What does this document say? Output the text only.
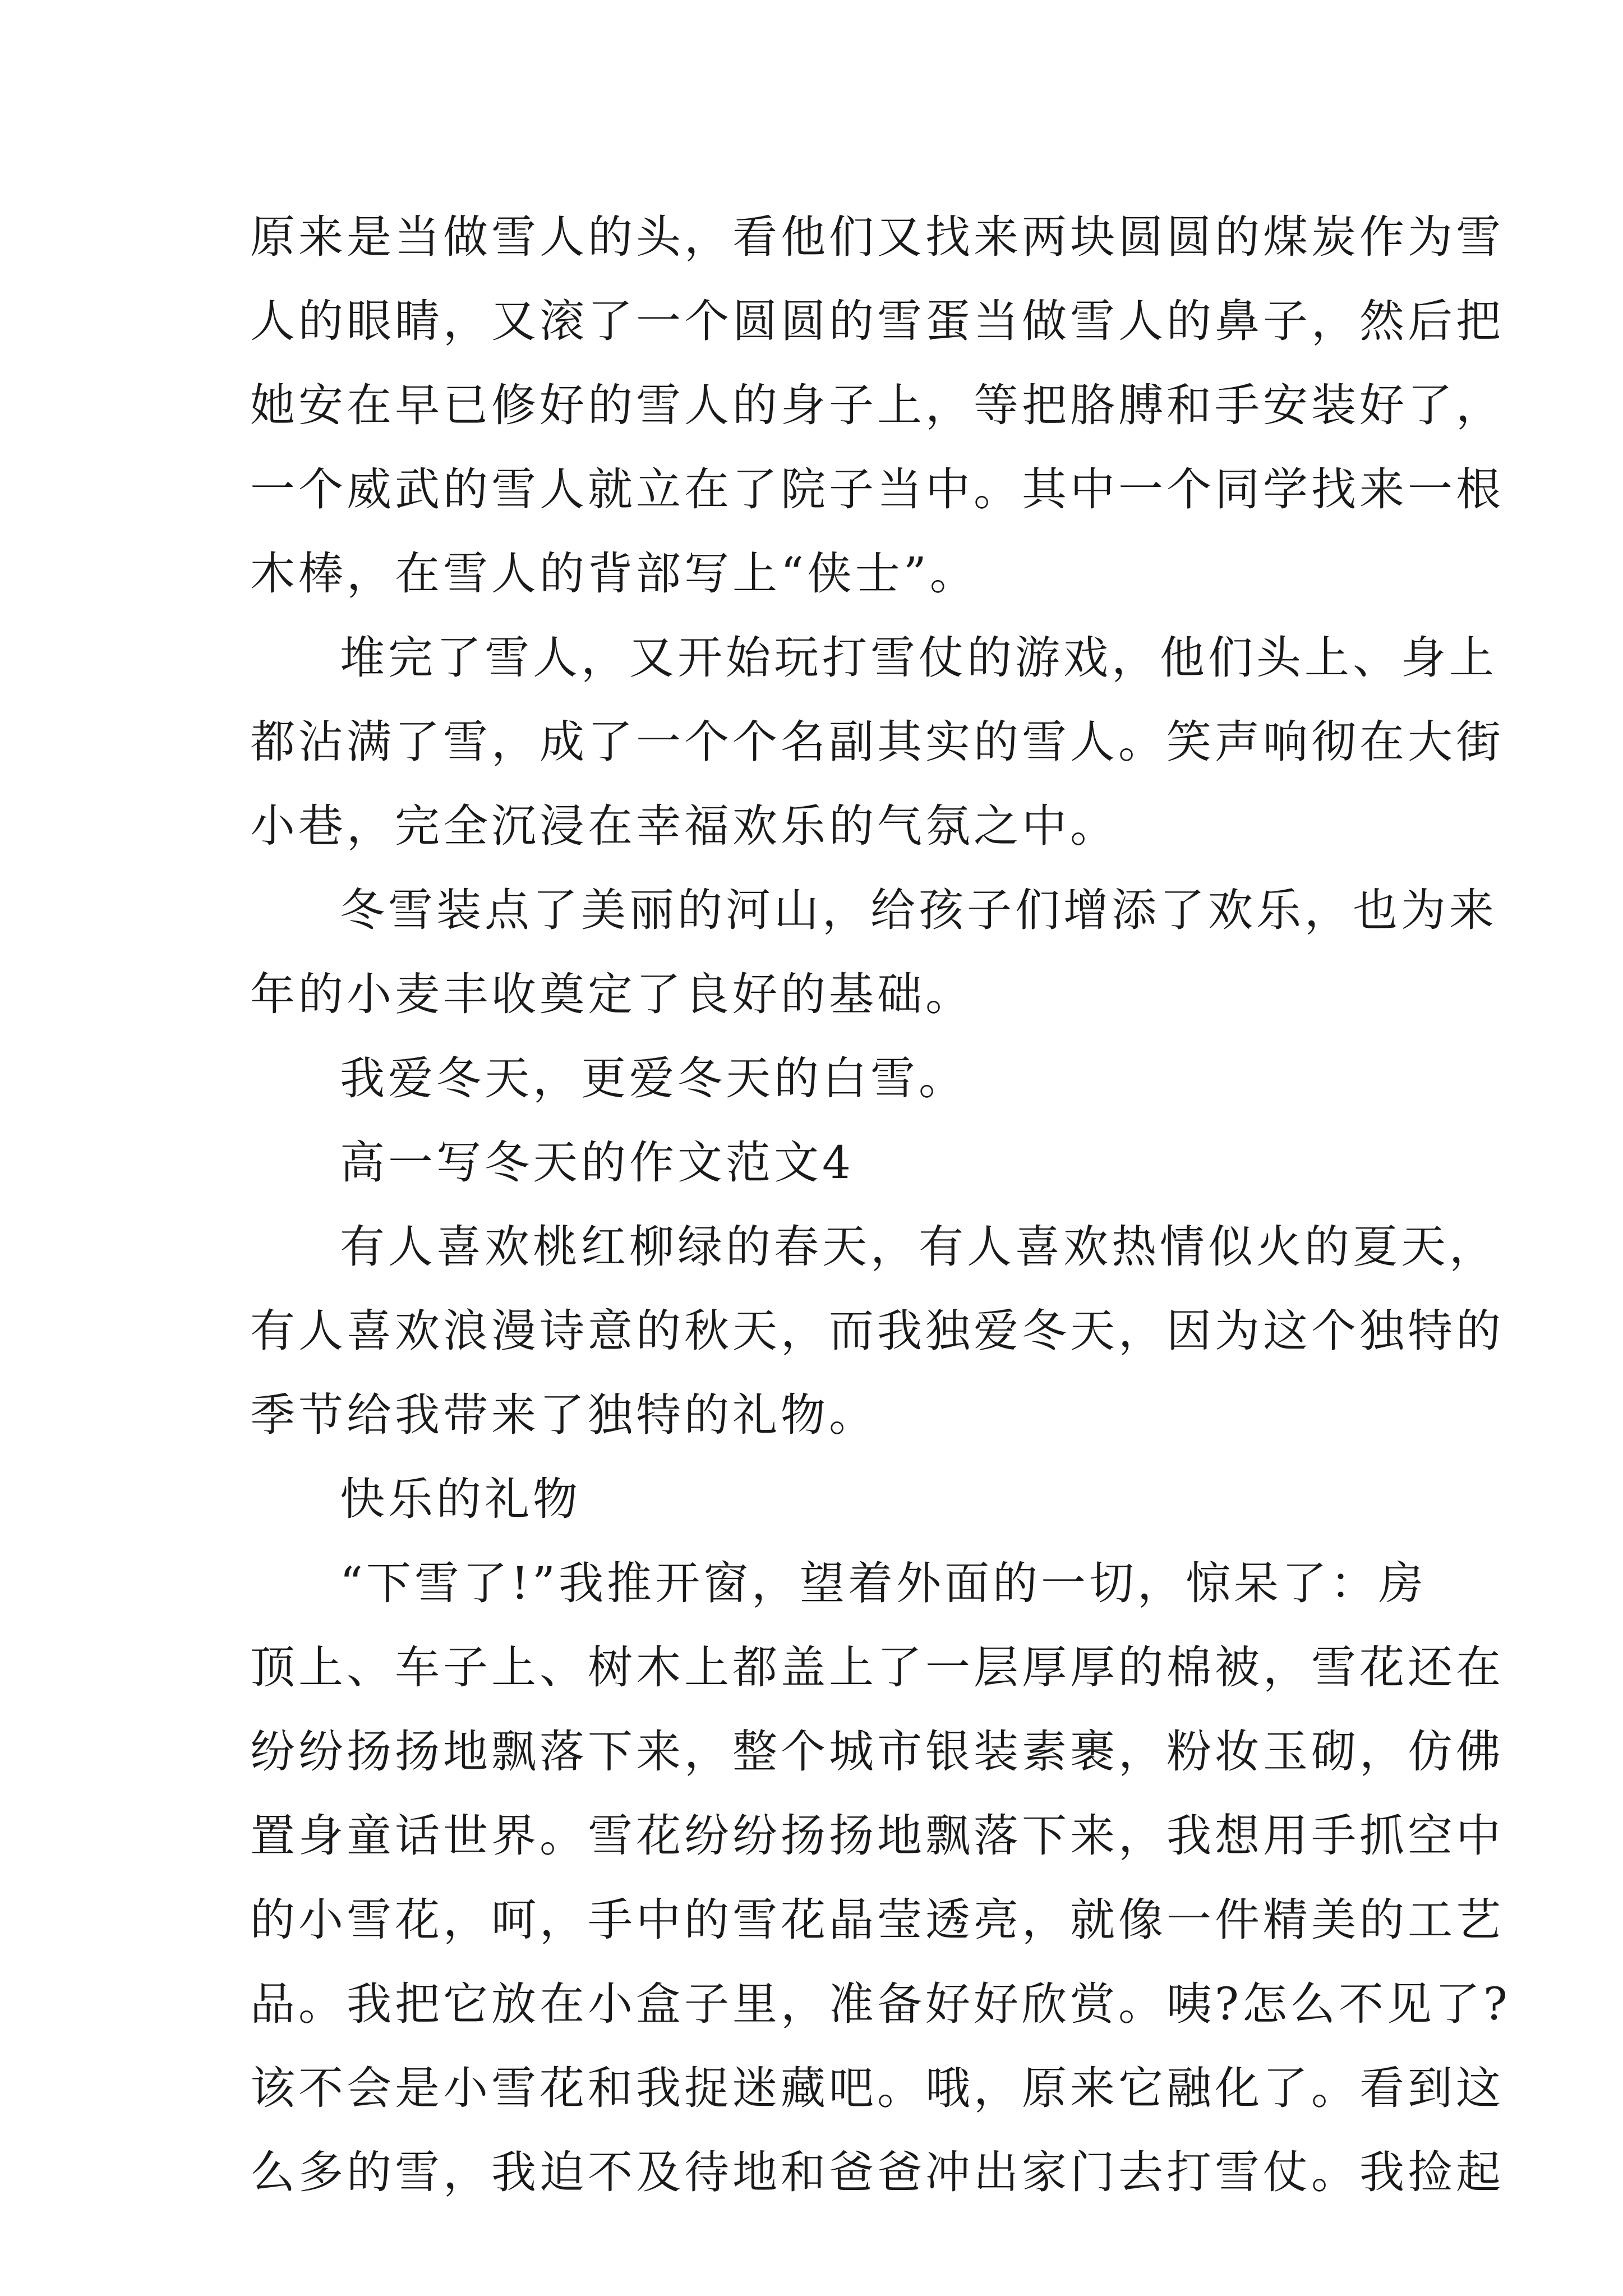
原来是当做雪人的头，看他们又找来两块圆圆的煤炭作为雪
人的眼睛，又滚了一个圆圆的雪蛋当做雪人的鼻子，然后把
她安在早已修好的雪人的身子上，等把胳膊和手安装好了，
一个威武的雪人就立在了院子当中。其中一个同学找来一根
木棒，在雪人的背部写上“侠士”。
堆完了雪人，又开始玩打雪仗的游戏，他们头上、身上
都沾满了雪，成了一个个名副其实的雪人。笑声响彻在大街
小巷，完全沉浸在幸福欢乐的气氛之中。
冬雪装点了美丽的河山，给孩子们增添了欢乐，也为来
年的小麦丰收奠定了良好的基础。
我爱冬天，更爱冬天的白雪。
高一写冬天的作文范文4
有人喜欢桃红柳绿的春天，有人喜欢热情似火的夏天，
有人喜欢浪漫诗意的秋天，而我独爱冬天，因为这个独特的
季节给我带来了独特的礼物。
快乐的礼物
“下雪了!”我推开窗，望着外面的一切，惊呆了：房
顶上、车子上、树木上都盖上了一层厚厚的棉被，雪花还在
纷纷扬扬地飘落下来，整个城市银装素裹，粉妆玉砌，仿佛
置身童话世界。雪花纷纷扬扬地飘落下来，我想用手抓空中
的小雪花，呵，手中的雪花晶莹透亮，就像一件精美的工艺
品。我把它放在小盒子里，准备好好欣赏。咦?怎么不见了?
该不会是小雪花和我捉迷藏吧。哦，原来它融化了。看到这
么多的雪，我迫不及待地和爸爸冲出家门去打雪仗。我捡起
